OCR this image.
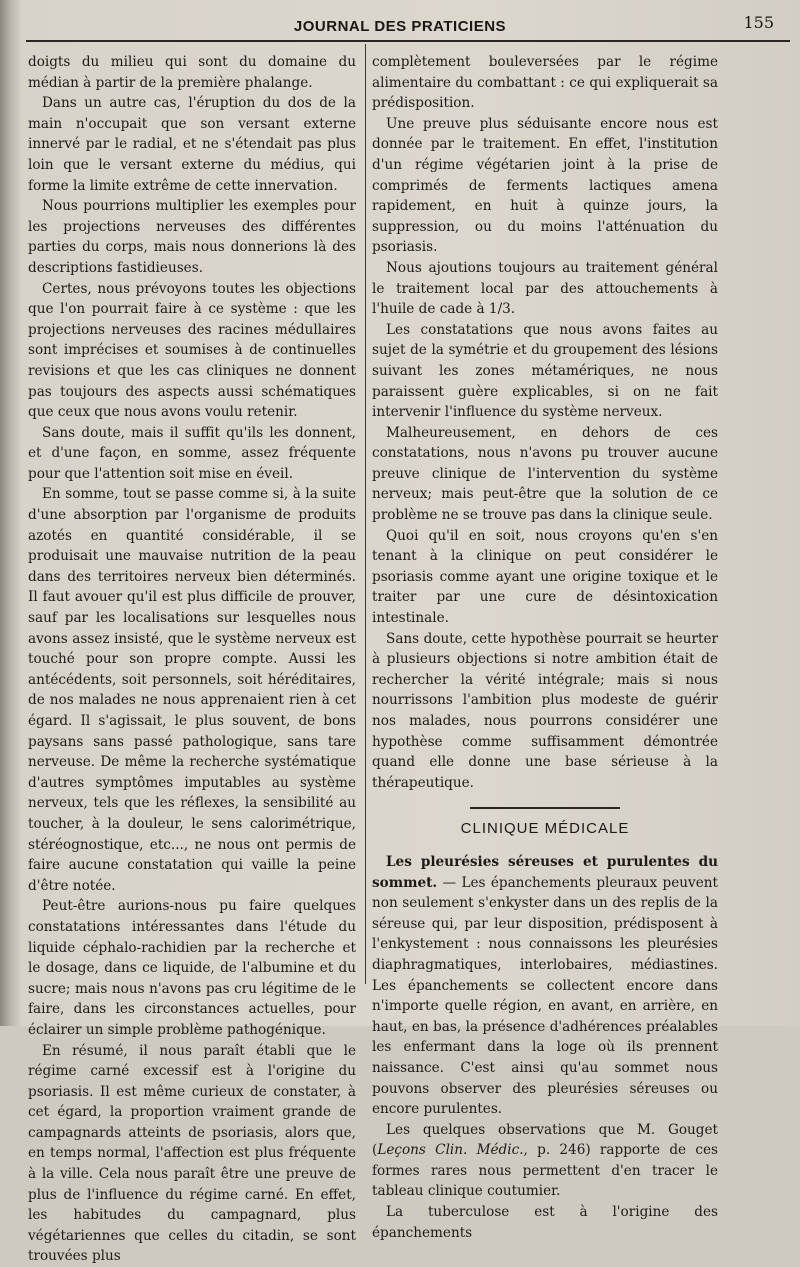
JOURNAL DES PRATICIENS	155

doigts du milieu qui sont du domaine du médian à partir de la première phalange.

Dans un autre cas, l'éruption du dos de la main n'occupait que son versant externe innervé par le radial, et ne s'étendait pas plus loin que le versant externe du médius, qui forme la limite extrême de cette innervation.

Nous pourrions multiplier les exemples pour les projections nerveuses des différentes parties du corps, mais nous donnerions là des descriptions fastidieuses.

Certes, nous prévoyons toutes les objections que l'on pourrait faire à ce système : que les projections nerveuses des racines médullaires sont imprécises et soumises à de continuelles revisions et que les cas cliniques ne donnent pas toujours des aspects aussi schématiques que ceux que nous avons voulu retenir.

Sans doute, mais il suffit qu'ils les donnent, et d'une façon, en somme, assez fréquente pour que l'attention soit mise en éveil.

En somme, tout se passe comme si, à la suite d'une absorption par l'organisme de produits azotés en quantité considérable, il se produisait une mauvaise nutrition de la peau dans des territoires nerveux bien déterminés. Il faut avouer qu'il est plus difficile de prouver, sauf par les localisations sur lesquelles nous avons assez insisté, que le système nerveux est touché pour son propre compte. Aussi les antécédents, soit personnels, soit héréditaires, de nos malades ne nous apprenaient rien à cet égard. Il s'agissait, le plus souvent, de bons paysans sans passé pathologique, sans tare nerveuse. De même la recherche systématique d'autres symptômes imputables au système nerveux, tels que les réflexes, la sensibilité au toucher, à la douleur, le sens calorimétrique, stéréognostique, etc..., ne nous ont permis de faire aucune constatation qui vaille la peine d'être notée.

Peut-être aurions-nous pu faire quelques constatations intéressantes dans l'étude du liquide céphalo-rachidien par la recherche et le dosage, dans ce liquide, de l'albumine et du sucre; mais nous n'avons pas cru légitime de le faire, dans les circonstances actuelles, pour éclairer un simple problème pathogénique.

En résumé, il nous paraît établi que le régime carné excessif est à l'origine du psoriasis. Il est même curieux de constater, à cet égard, la proportion vraiment grande de campagnards atteints de psoriasis, alors que, en temps normal, l'affection est plus fréquente à la ville. Cela nous paraît être une preuve de plus de l'influence du régime carné. En effet, les habitudes du campagnard, plus végétariennes que celles du citadin, se sont trouvées plus

complètement bouleversées par le régime alimentaire du combattant : ce qui expliquerait sa prédisposition.

Une preuve plus séduisante encore nous est donnée par le traitement. En effet, l'institution d'un régime végétarien joint à la prise de comprimés de ferments lactiques amena rapidement, en huit à quinze jours, la suppression, ou du moins l'atténuation du psoriasis.

Nous ajoutions toujours au traitement général le traitement local par des attouchements à l'huile de cade à 1/3.

Les constatations que nous avons faites au sujet de la symétrie et du groupement des lésions suivant les zones métamériques, ne nous paraissent guère explicables, si on ne fait intervenir l'influence du système nerveux.

Malheureusement, en dehors de ces constatations, nous n'avons pu trouver aucune preuve clinique de l'intervention du système nerveux; mais peut-être que la solution de ce problème ne se trouve pas dans la clinique seule.

Quoi qu'il en soit, nous croyons qu'en s'en tenant à la clinique on peut considérer le psoriasis comme ayant une origine toxique et le traiter par une cure de désintoxication intestinale.

Sans doute, cette hypothèse pourrait se heurter à plusieurs objections si notre ambition était de rechercher la vérité intégrale; mais si nous nourrissons l'ambition plus modeste de guérir nos malades, nous pourrons considérer une hypothèse comme suffisamment démontrée quand elle donne une base sérieuse à la thérapeutique.

CLINIQUE MÉDICALE

Les pleurésies séreuses et purulentes du sommet. — Les épanchements pleuraux peuvent non seulement s'enkyster dans un des replis de la séreuse qui, par leur disposition, prédisposent à l'enkystement : nous connaissons les pleurésies diaphragmatiques, interlobaires, médiastines. Les épanchements se collectent encore dans n'importe quelle région, en avant, en arrière, en haut, en bas, la présence d'adhérences préalables les enfermant dans la loge où ils prennent naissance. C'est ainsi qu'au sommet nous pouvons observer des pleurésies séreuses ou encore purulentes.

Les quelques observations que M. Gouget (Leçons Clin. Médic., p. 246) rapporte de ces formes rares nous permettent d'en tracer le tableau clinique coutumier.

La tuberculose est à l'origine des épanchements
